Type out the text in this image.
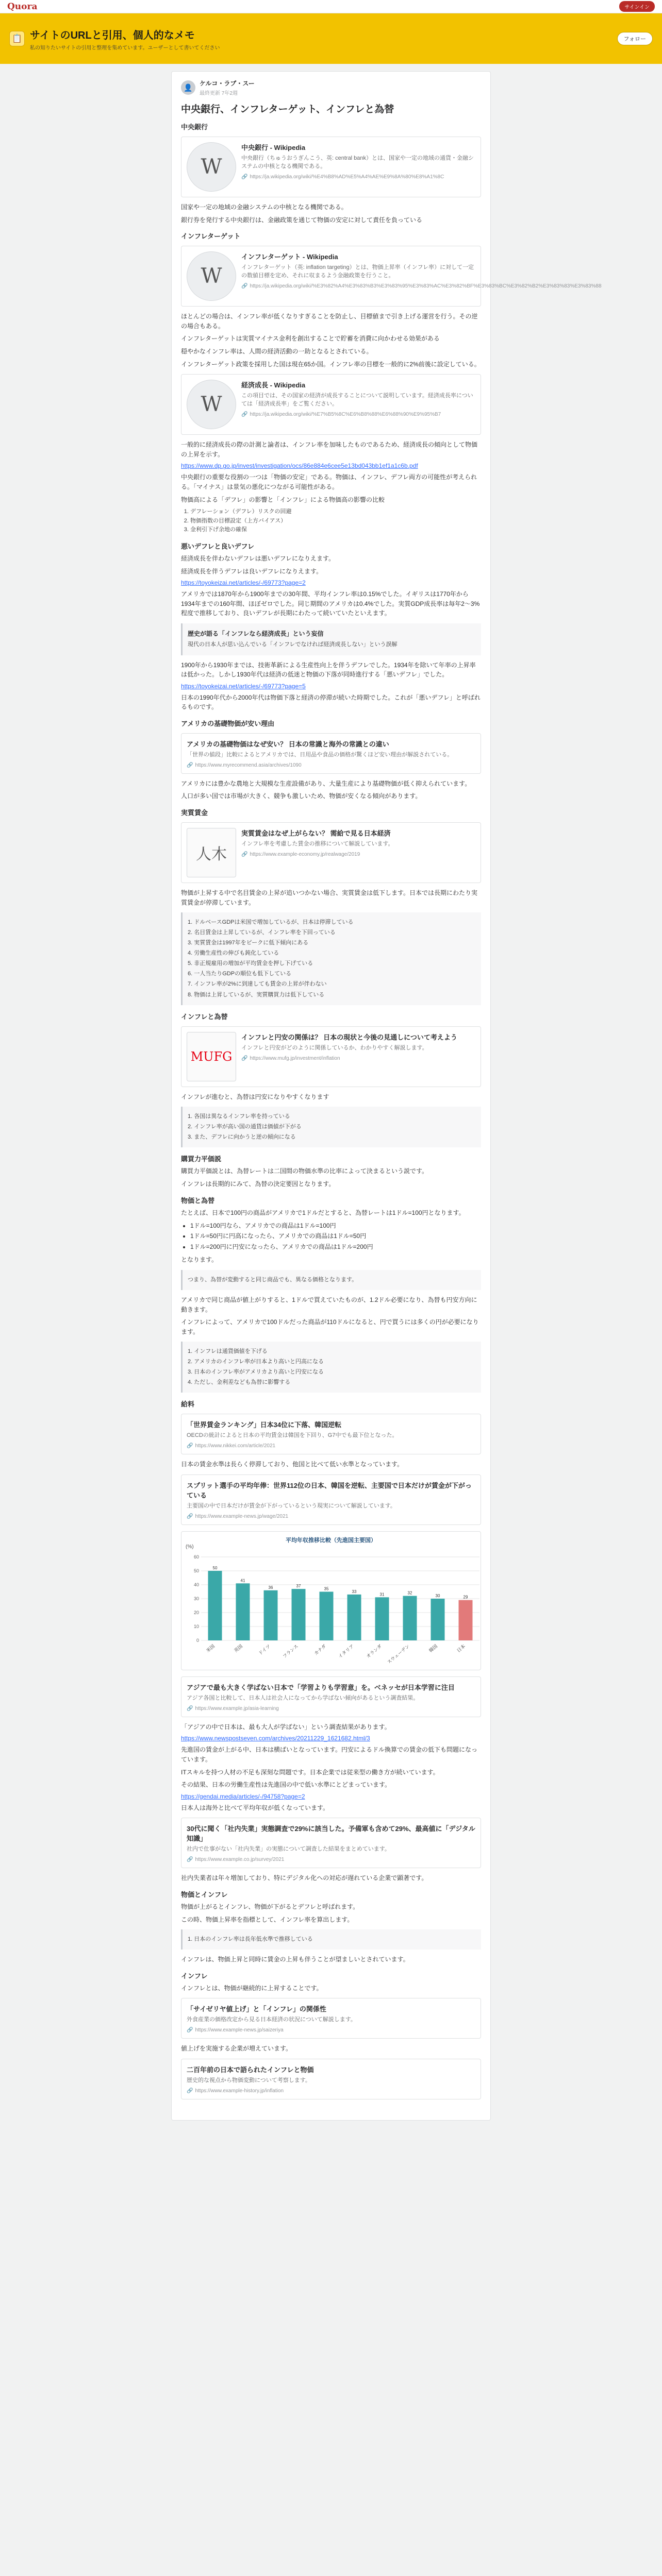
Quora	サインイン
📋 サイトのURLと引用、個人的なメモ
私の知りたいサイトの引用と整理を集めています。ユーザーとして書いてください
フォロー
👤	ケルコ・ラブ・スー
最終更新 7年2週
中央銀行、インフレターゲット、インフレと為替
中央銀行
W
中央銀行 - Wikipedia
中央銀行（ちゅうおうぎんこう、英: central bank）とは、国家や一定の地域の通貨・金融システムの中核となる機関である。
🔗 https://ja.wikipedia.org/wiki/%E4%B8%AD%E5%A4%AE%E9%8A%80%E8%A1%8C

国家や一定の地域の金融システムの中核となる機関である。

銀行券を発行する中央銀行は、金融政策を通じて物価の安定に対して責任を負っている

インフレターゲット
W
インフレターゲット - Wikipedia
インフレターゲット（英: inflation targeting）とは、物価上昇率（インフレ率）に対して一定の数値目標を定め、それに収まるよう金融政策を行うこと。
🔗 https://ja.wikipedia.org/wiki/%E3%82%A4%E3%83%B3%E3%83%95%E3%83%AC%E3%82%BF%E3%83%BC%E3%82%B2%E3%83%83%E3%83%88

ほとんどの場合は、インフレ率が低くなりすぎることを防止し、目標値まで引き上げる運営を行う。その逆の場合もある。

インフレターゲットは実質マイナス金利を創出することで貯蓄を消費に向かわせる効果がある

穏やかなインフレ率は、人間の経済活動の一助となるとされている。

インフレターゲット政策を採用した国は現在65か国。インフレ率の目標を一般的に2%前後に設定している。

W
経済成長 - Wikipedia
この項目では、その国家の経済が成長することについて説明しています。経済成長率については「経済成長率」をご覧ください。
🔗 https://ja.wikipedia.org/wiki/%E7%B5%8C%E6%B8%88%E6%88%90%E9%95%B7

一般的に経済成長の際の計測と論者は、インフレ率を加味したものであるため、経済成長の傾向として物価の上昇を示す。

https://www.dp.go.jp/invest/investigation/ocs/86e884e6cee5e13bd043bb1ef1a1c6b.pdf

中央銀行の重要な役割の一つは「物価の安定」である。物価は、インフレ、デフレ両方の可能性が考えられる。「マイナス」は景気の悪化につながる可能性がある。

物価高による「デフレ」の影響と「インフレ」による物価高の影響の比較

1. デフレーション（デフレ）リスクの回避
2. 物価指数の目標設定（上方バイアス）
3. 金利引下げ余地の確保
悪いデフレと良いデフレ

経済成長を伴わないデフレは悪いデフレになりえます。

経済成長を伴うデフレは良いデフレになりえます。

https://toyokeizai.net/articles/-/69773?page=2

アメリカでは1870年から1900年までの30年間、平均インフレ率は0.15%でした。イギリスは1770年から1934年までの160年間、ほぼゼロでした。同じ期間のアメリカは0.4%でした。実質GDP成長率は毎年2〜3%程度で推移しており、良いデフレが長期にわたって続いていたといえます。

歴史が語る「インフレなら経済成長」という妄信

現代の日本人が思い込んでいる「インフレでなければ経済成長しない」という誤解

1900年から1930年までは、技術革新による生産性向上を伴うデフレでした。1934年を除いて年率の上昇率は低かった。しかし1930年代は経済の低迷と物価の下落が同時進行する「悪いデフレ」でした。

https://toyokeizai.net/articles/-/69773?page=5

日本の1990年代から2000年代は物価下落と経済の停滞が続いた時期でした。これが「悪いデフレ」と呼ばれるものです。

アメリカの基礎物価が安い理由
アメリカの基礎物価はなぜ安い？ 日本の常識と海外の常識との違い
「世界の値段」比較によるとアメリカでは、日用品や食品の価格が驚くほど安い理由が解説されている。
🔗 https://www.myrecommend.asia/archives/1090

アメリカには豊かな農地と大規模な生産設備があり、大量生産により基礎物価が低く抑えられています。

人口が多い国では市場が大きく、競争も激しいため、物価が安くなる傾向があります。

実質賃金
人木
実質賃金はなぜ上がらない？ 需給で見る日本経済
インフレ率を考慮した賃金の推移について解説しています。
🔗 https://www.example-economy.jp/realwage/2019

物価が上昇する中で名目賃金の上昇が追いつかない場合、実質賃金は低下します。日本では長期にわたり実質賃金が停滞しています。

1. ドルベースGDPは米国で増加しているが、日本は停滞している

2. 名目賃金は上昇しているが、インフレ率を下回っている

3. 実質賃金は1997年をピークに低下傾向にある

4. 労働生産性の伸びも鈍化している

5. 非正規雇用の増加が平均賃金を押し下げている

6. 一人当たりGDPの順位も低下している

7. インフレ率が2%に到達しても賃金の上昇が伴わない

8. 物価は上昇しているが、実質購買力は低下している

インフレと為替
MUFG
インフレと円安の関係は？ 日本の現状と今後の見通しについて考えよう
インフレと円安がどのように関係しているか、わかりやすく解説します。
🔗 https://www.mufg.jp/investment/inflation

インフレが進むと、為替は円安になりやすくなります

1. 各国は異なるインフレ率を持っている

2. インフレ率が高い国の通貨は価値が下がる

3. また、デフレに向かうと逆の傾向になる

購買力平価説

購買力平価説とは、為替レートは二国間の物価水準の比率によって決まるという説です。

インフレは長期的にみて、為替の決定要因となります。

物価と為替

たとえば、日本で100円の商品がアメリカで1ドルだとすると、為替レートは1ドル=100円となります。

• 1ドル=100円なら、アメリカでの商品は1ドル=100円
• 1ドル=50円に円高になったら、アメリカでの商品は1ドル=50円
• 1ドル=200円に円安になったら、アメリカでの商品は1ドル=200円

となります。

つまり、為替が変動すると同じ商品でも、異なる価格となります。

アメリカで同じ商品が値上がりすると、1ドルで買えていたものが、1.2ドル必要になり、為替も円安方向に動きます。

インフレによって、アメリカで100ドルだった商品が110ドルになると、円で買うには多くの円が必要になります。

1. インフレは通貨価値を下げる

2. アメリカのインフレ率が日本より高いと円高になる

3. 日本のインフレ率がアメリカより高いと円安になる

4. ただし、金利差なども為替に影響する

給料
「世界賃金ランキング」日本34位に下落、韓国逆転
OECDの統計によると日本の平均賃金は韓国を下回り、G7中でも最下位となった。
🔗 https://www.nikkei.com/article/2021

日本の賃金水準は長らく停滞しており、他国と比べて低い水準となっています。

スプリット選手の平均年俸：世界112位の日本、韓国を逆転、主要国で日本だけが賃金が下がっている
主要国の中で日本だけが賃金が下がっているという現実について解説しています。
🔗 https://www.example-news.jp/wage/2021
平均年収推移比較（先進国主要国）
(%)
0
10
20
30
40
50
60
50
米国
41
英国
36
ドイツ
37
フランス
35
カナダ
33
イタリア
31
オランダ
32
スウェーデン
30
韓国
29
日本
アジアで最も大きく学ばない日本で「学習よりも学習意」を。ベネッセが日本学習に注目
アジア各国と比較して、日本人は社会人になってから学ばない傾向があるという調査結果。
🔗 https://www.example.jp/asia-learning

「アジアの中で日本は、最も大人が学ばない」という調査結果があります。

https://www.newspostseven.com/archives/20211229_1621682.html/3

先進国の賃金が上がる中、日本は横ばいとなっています。円安によるドル換算での賃金の低下も問題になっています。

ITスキルを持つ人材の不足も深刻な問題です。日本企業では従来型の働き方が続いています。

その結果、日本の労働生産性は先進国の中で低い水準にとどまっています。

https://gendai.media/articles/-/94758?page=2

日本人は海外と比べて平均年収が低くなっています。

30代に聞く「社内失業」実態調査で29%に該当した。予備軍も含めて29%、最高値に「デジタル知識」
社内で仕事がない「社内失業」の実態について調査した結果をまとめています。
🔗 https://www.example.co.jp/survey/2021

社内失業者は年々増加しており、特にデジタル化への対応が遅れている企業で顕著です。

物価とインフレ

物価が上がるとインフレ、物価が下がるとデフレと呼ばれます。

この時、物価上昇率を指標として、インフレ率を算出します。

1. 日本のインフレ率は長年低水準で推移している

インフレは、物価上昇と同時に賃金の上昇も伴うことが望ましいとされています。

インフレ

インフレとは、物価が継続的に上昇することです。

「サイゼリヤ値上げ」と「インフレ」の関係性
外食産業の価格改定から見る日本経済の状況について解説します。
🔗 https://www.example-news.jp/saizeriya

値上げを実施する企業が増えています。

二百年前の日本で語られたインフレと物価
歴史的な視点から物価変動について考察します。
🔗 https://www.example-history.jp/inflation
